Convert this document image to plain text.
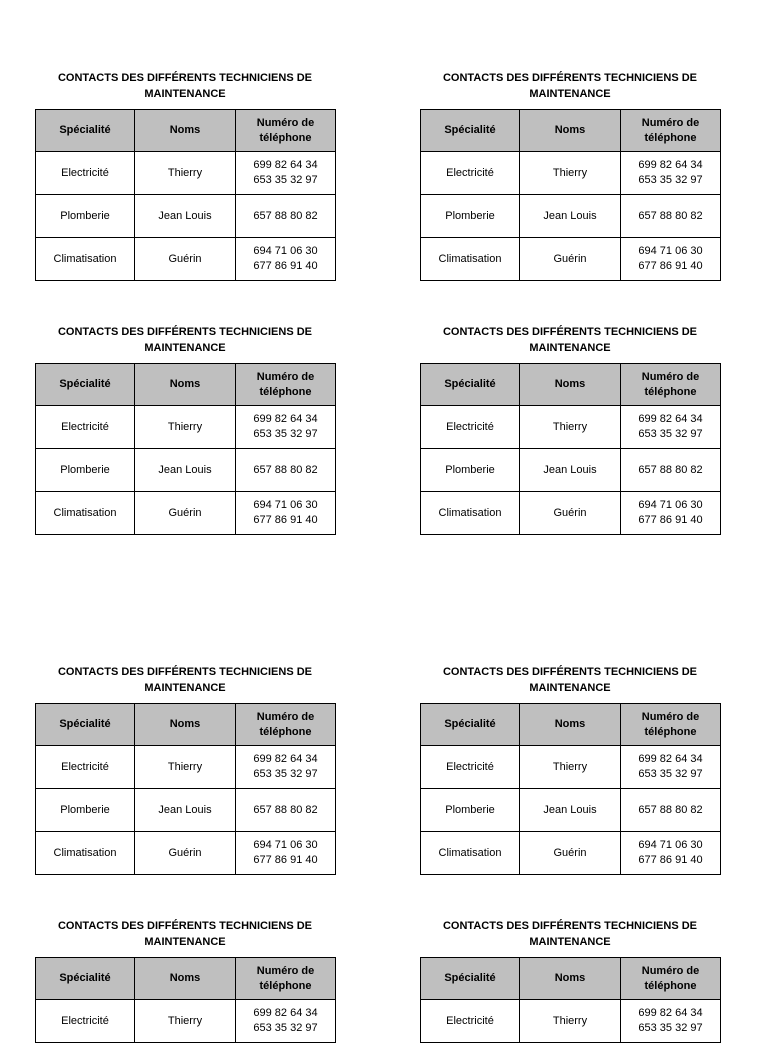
CONTACTS DES DIFFÉRENTS TECHNICIENS DE
MAINTENANCE
Spécialité	Noms	Numéro de
téléphone

Electricité	Thierry	699 82 64 34
653 35 32 97

Plomberie	Jean Louis	657 88 80 82

Climatisation	Guérin	694 71 06 30
677 86 91 40
CONTACTS DES DIFFÉRENTS TECHNICIENS DE
MAINTENANCE
Spécialité	Noms	Numéro de
téléphone

Electricité	Thierry	699 82 64 34
653 35 32 97

Plomberie	Jean Louis	657 88 80 82

Climatisation	Guérin	694 71 06 30
677 86 91 40
CONTACTS DES DIFFÉRENTS TECHNICIENS DE
MAINTENANCE
Spécialité	Noms	Numéro de
téléphone

Electricité	Thierry	699 82 64 34
653 35 32 97

Plomberie	Jean Louis	657 88 80 82

Climatisation	Guérin	694 71 06 30
677 86 91 40
CONTACTS DES DIFFÉRENTS TECHNICIENS DE
MAINTENANCE
Spécialité	Noms	Numéro de
téléphone

Electricité	Thierry	699 82 64 34
653 35 32 97

Plomberie	Jean Louis	657 88 80 82

Climatisation	Guérin	694 71 06 30
677 86 91 40
CONTACTS DES DIFFÉRENTS TECHNICIENS DE
MAINTENANCE
Spécialité	Noms	Numéro de
téléphone

Electricité	Thierry	699 82 64 34
653 35 32 97

Plomberie	Jean Louis	657 88 80 82

Climatisation	Guérin	694 71 06 30
677 86 91 40
CONTACTS DES DIFFÉRENTS TECHNICIENS DE
MAINTENANCE
Spécialité	Noms	Numéro de
téléphone

Electricité	Thierry	699 82 64 34
653 35 32 97

Plomberie	Jean Louis	657 88 80 82

Climatisation	Guérin	694 71 06 30
677 86 91 40
CONTACTS DES DIFFÉRENTS TECHNICIENS DE
MAINTENANCE
Spécialité	Noms	Numéro de
téléphone

Electricité	Thierry	699 82 64 34
653 35 32 97
CONTACTS DES DIFFÉRENTS TECHNICIENS DE
MAINTENANCE
Spécialité	Noms	Numéro de
téléphone

Electricité	Thierry	699 82 64 34
653 35 32 97
